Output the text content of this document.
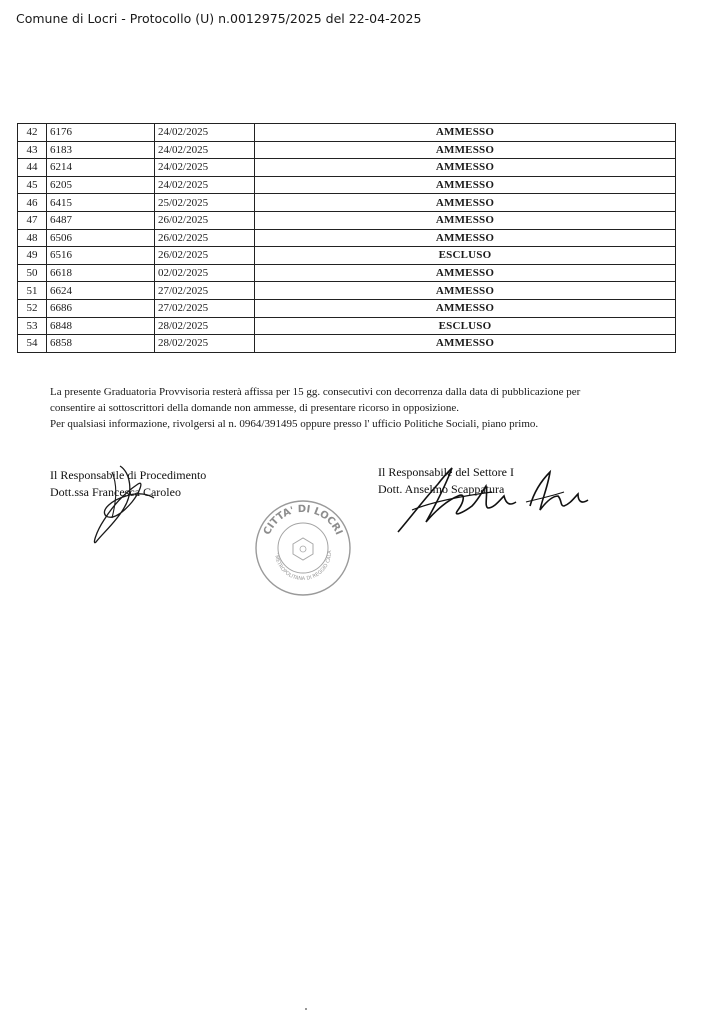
Comune di Locri - Protocollo (U) n.0012975/2025 del 22-04-2025
42	6176	24/02/2025	AMMESSO
43	6183	24/02/2025	AMMESSO
44	6214	24/02/2025	AMMESSO
45	6205	24/02/2025	AMMESSO
46	6415	25/02/2025	AMMESSO
47	6487	26/02/2025	AMMESSO
48	6506	26/02/2025	AMMESSO
49	6516	26/02/2025	ESCLUSO
50	6618	02/02/2025	AMMESSO
51	6624	27/02/2025	AMMESSO
52	6686	27/02/2025	AMMESSO
53	6848	28/02/2025	ESCLUSO
54	6858	28/02/2025	AMMESSO

La presente Graduatoria Provvisoria resterà affissa per 15 gg. consecutivi con decorrenza dalla data di pubblicazione per

consentire ai sottoscrittori della domande non ammesse, di presentare ricorso in opposizione.

Per qualsiasi informazione, rivolgersi al n. 0964/391495 oppure presso l' ufficio Politiche Sociali, piano primo.

Il Responsabile di Procedimento
Dott.ssa Francesca Caroleo
Il Responsabile del Settore I
Dott. Anselmo Scappatura
CITTA' DI LOCRI
' METROPOLITANA DI REGGIO CALA
